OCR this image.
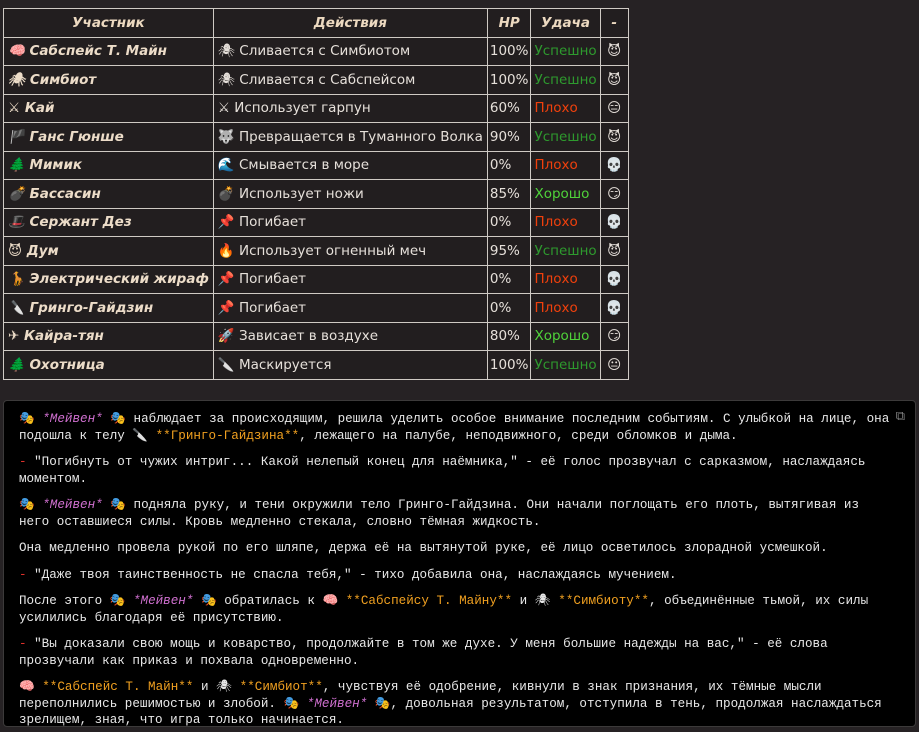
Участник	Действия	HP	Удача	-
🧠 Сабспейс Т. Майн	🕷 Сливается с Симбиотом	100%	Успешно	😈
🕷 Симбиот	🕷 Сливается с Сабспейсом	100%	Успешно	😈
⚔ Кай	⚔ Использует гарпун	60%	Плохо	😑
🏴 Ганс Гюнше	🐺 Превращается в Туманного Волка	90%	Успешно	😈
🌲 Мимик	🌊 Смывается в море	0%	Плохо	💀
💣 Бассасин	💣 Использует ножи	85%	Хорошо	😏
🎩 Сержант Дез	📌 Погибает	0%	Плохо	💀
😈 Дум	🔥 Использует огненный меч	95%	Успешно	😈
🦒 Электрический жираф	📌 Погибает	0%	Плохо	💀
🔪 Гринго-Гайдзин	📌 Погибает	0%	Плохо	💀
✈ Кайра-тян	🚀 Зависает в воздухе	80%	Хорошо	😏
🌲 Охотница	🔪 Маскируется	100%	Успешно	😐
⧉

🎭 *Мейвен* 🎭 наблюдает за происходящим, решила уделить особое внимание последним событиям. С улыбкой на лице, она подошла к телу 🔪 **Гринго-Гайдзина**, лежащего на палубе, неподвижного, среди обломков и дыма.

- "Погибнуть от чужих интриг... Какой нелепый конец для наёмника," - её голос прозвучал с сарказмом, наслаждаясь моментом.

🎭 *Мейвен* 🎭 подняла руку, и тени окружили тело Гринго-Гайдзина. Они начали поглощать его плоть, вытягивая из него оставшиеся силы. Кровь медленно стекала, словно тёмная жидкость.

Она медленно провела рукой по его шляпе, держа её на вытянутой руке, её лицо осветилось злорадной усмешкой.

- "Даже твоя таинственность не спасла тебя," - тихо добавила она, наслаждаясь мучением.

После этого 🎭 *Мейвен* 🎭 обратилась к 🧠 **Сабспейсу Т. Майну** и 🕷 **Симбиоту**, объединённые тьмой, их силы усилились благодаря её присутствию.

- "Вы доказали свою мощь и коварство, продолжайте в том же духе. У меня большие надежды на вас," - её слова прозвучали как приказ и похвала одновременно.

🧠 **Сабспейс Т. Майн** и 🕷 **Симбиот**, чувствуя её одобрение, кивнули в знак признания, их тёмные мысли переполнились решимостью и злобой. 🎭 *Мейвен* 🎭, довольная результатом, отступила в тень, продолжая наслаждаться зрелищем, зная, что игра только начинается.
